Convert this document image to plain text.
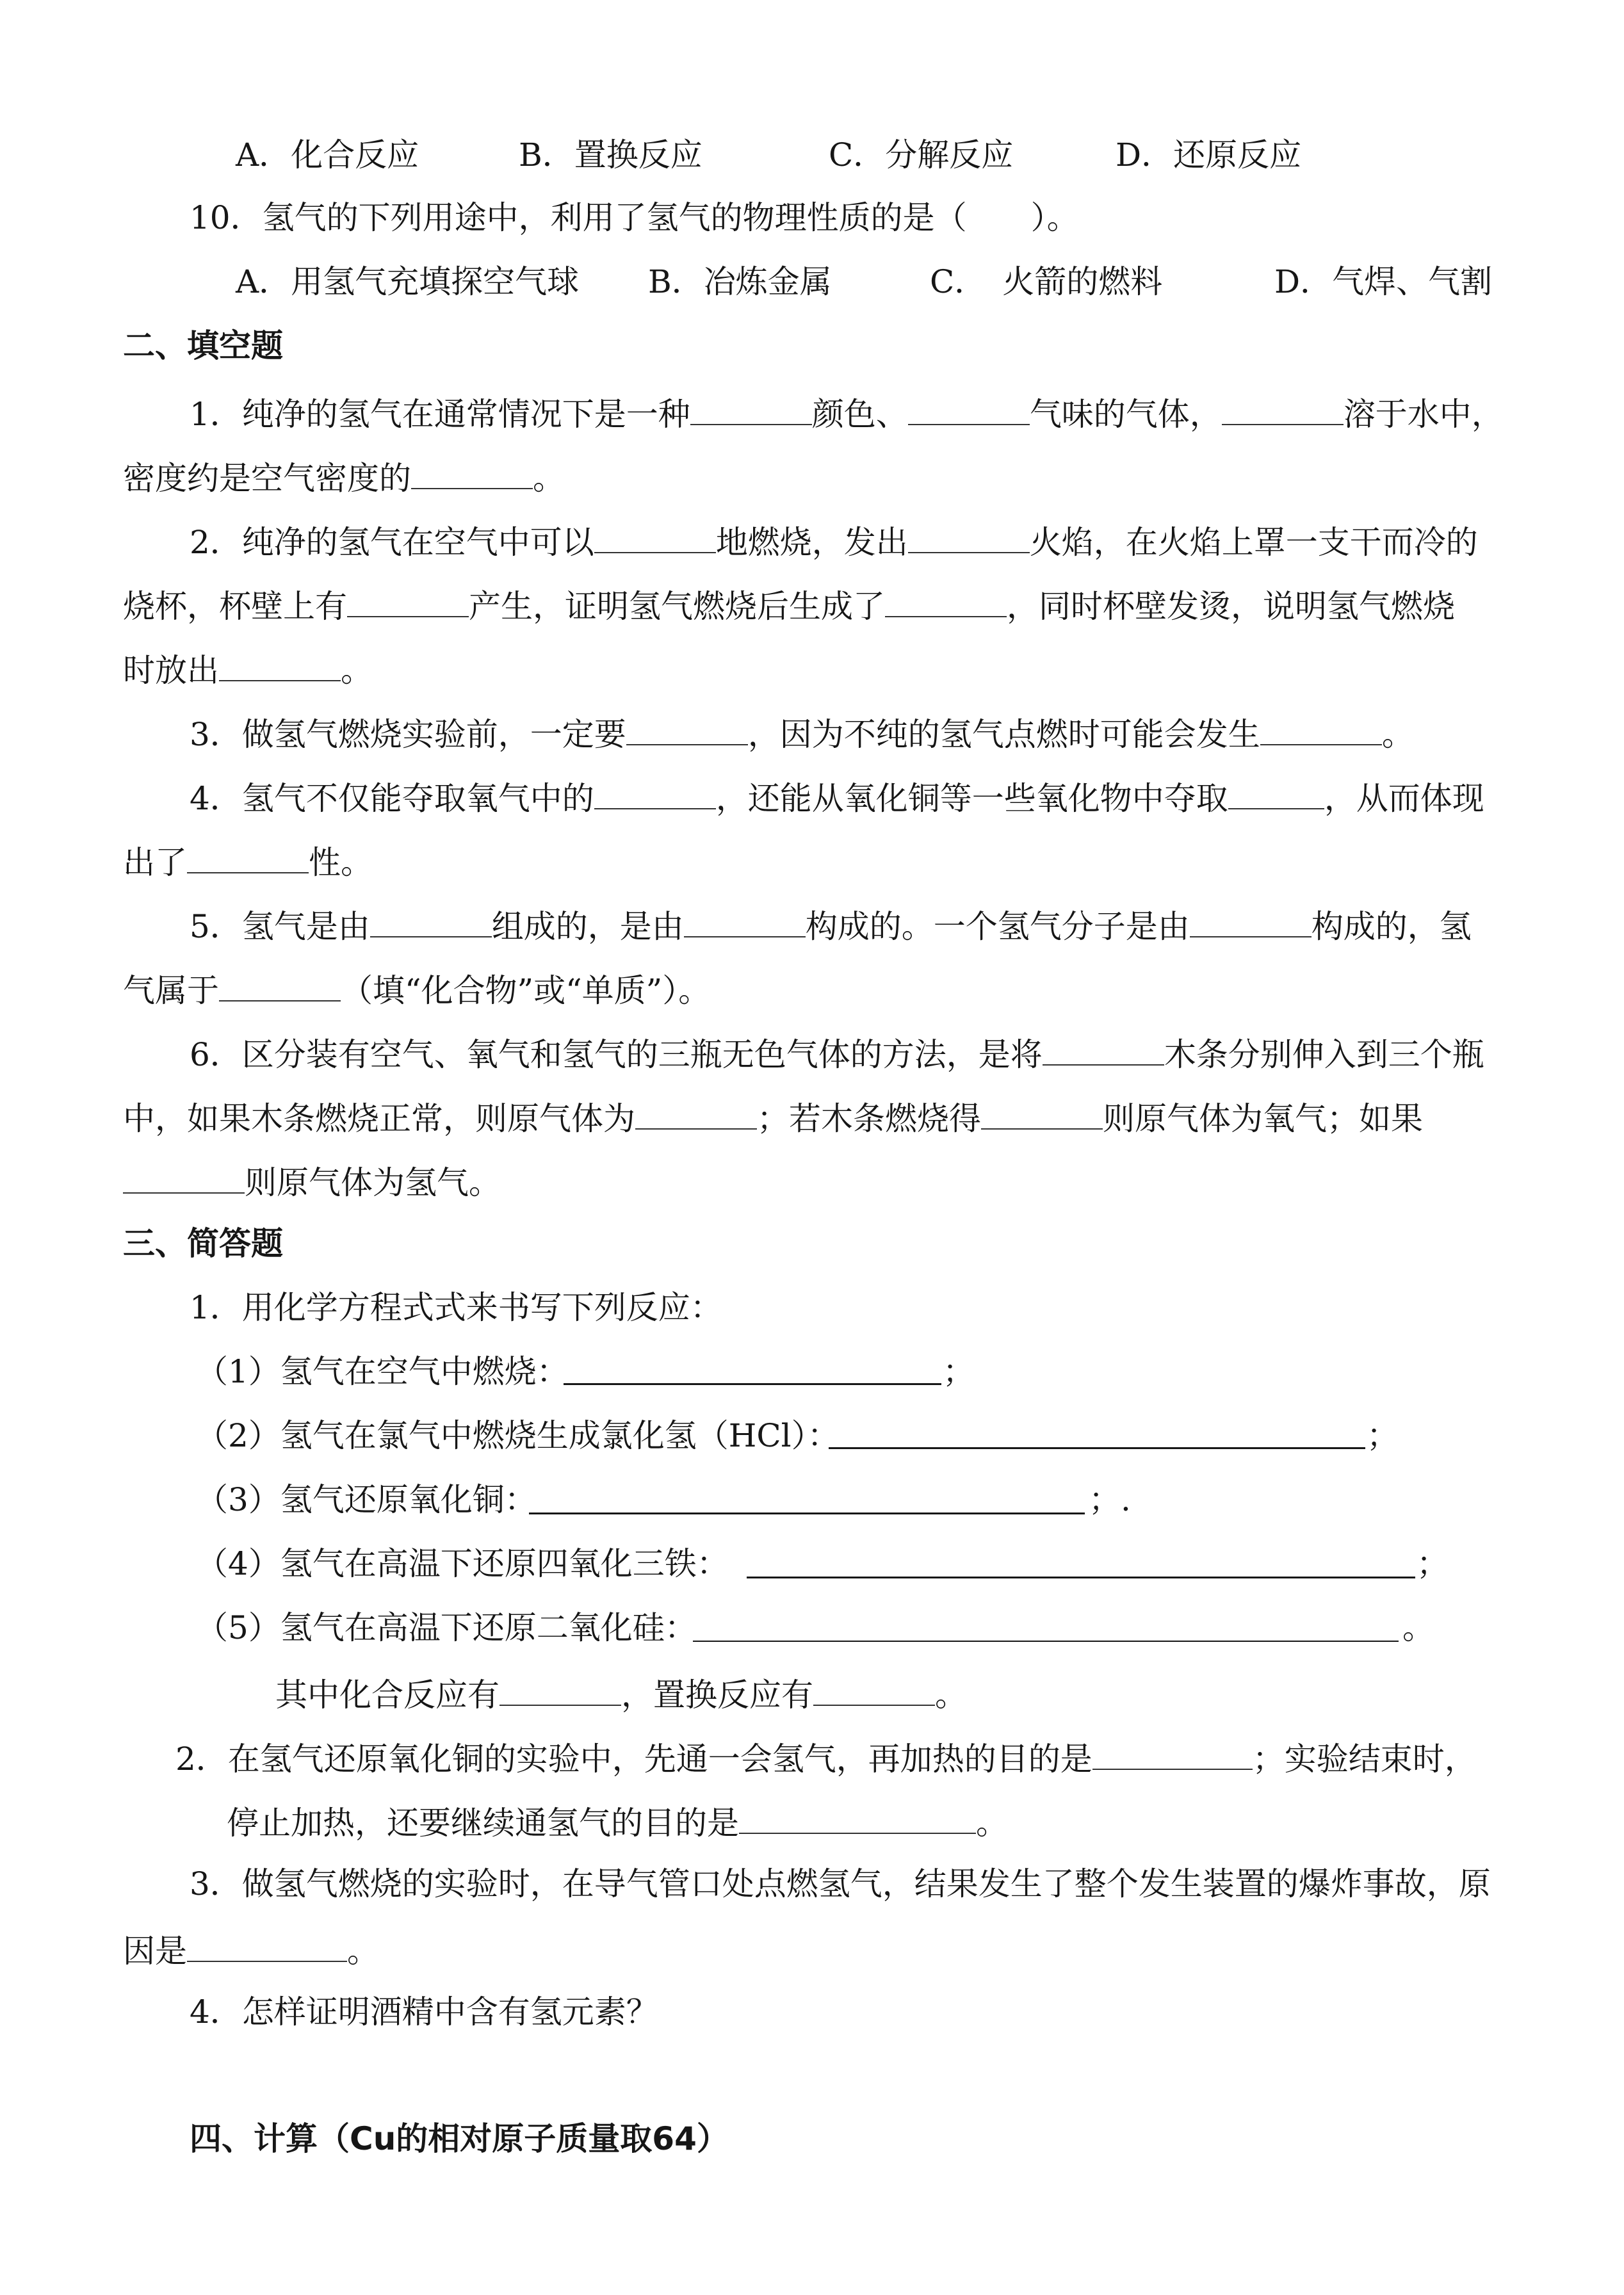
A．化合反应	B．置换反应	C．分解反应	D．还原反应
10．氢气的下列用途中，利用了氢气的物理性质的是（　　）。
A．用氢气充填探空气球 B．冶炼金属	C．　火箭的燃料	D．气焊、气割
二、填空题
1．纯净的氢气在通常情况下是一种	颜色、	气味的气体，	溶于水中，
密度约是空气密度的	。
2．纯净的氢气在空气中可以	地燃烧，发出	火焰，在火焰上罩一支干而冷的
烧杯，杯壁上有	产生，证明氢气燃烧后生成了	，同时杯壁发烫，说明氢气燃烧
时放出	。
3．做氢气燃烧实验前，一定要	，因为不纯的氢气点燃时可能会发生	。
4．氢气不仅能夺取氧气中的	，还能从氧化铜等一些氧化物中夺取	，从而体现
出了	性。
5．氢气是由	组成的，是由	构成的。一个氢气分子是由	构成的，氢
气属于	（填“化合物”或“单质”）。
6．区分装有空气、氧气和氢气的三瓶无色气体的方法，是将	木条分别伸入到三个瓶
中，如果木条燃烧正常，则原气体为	；若木条燃烧得	则原气体为氧气；如果
则原气体为氢气。
三、简答题
1．用化学方程式式来书写下列反应：
（1）氢气在空气中燃烧：	；
（2）氢气在氯气中燃烧生成氯化氢（HCl）：	；
（3）氢气还原氧化铜：	；.
（4）氢气在高温下还原四氧化三铁：	；
（5）氢气在高温下还原二氧化硅：	。
其中化合反应有	，置换反应有	。
2．在氢气还原氧化铜的实验中，先通一会氢气，再加热的目的是	；实验结束时，
停止加热，还要继续通氢气的目的是	。
3．做氢气燃烧的实验时，在导气管口处点燃氢气，结果发生了整个发生装置的爆炸事故，原
因是	。
4．怎样证明酒精中含有氢元素？
四、计算（Cu的相对原子质量取64）
